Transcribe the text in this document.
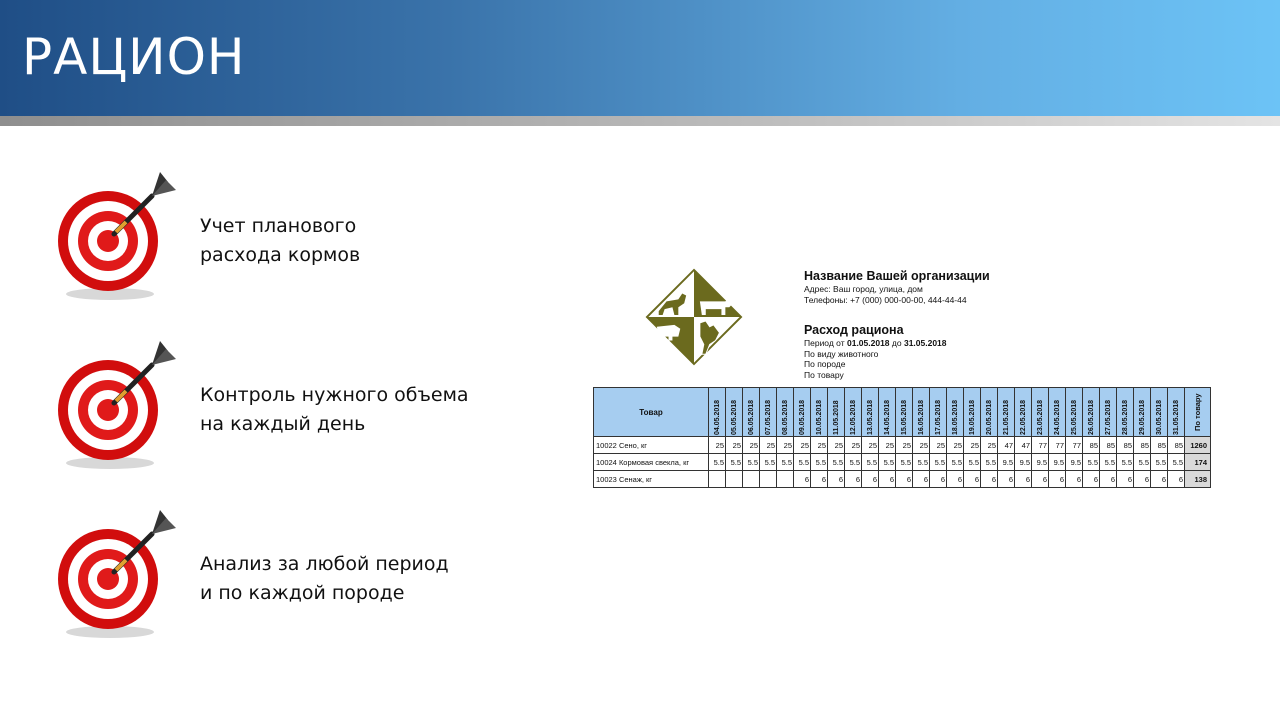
РАЦИОН
Учет планового
расхода кормов
Контроль нужного объема
на каждый день
Анализ за любой период
и по каждой породе
Название Вашей организации
Адрес: Ваш город, улица, дом
Телефоны: +7 (000) 000-00-00, 444-44-44
Расход рациона
Период от 01.05.2018 до 31.05.2018
По виду животного
По породе
По товару
Товар	04.05.2018	05.05.2018	06.05.2018	07.05.2018	08.05.2018	09.05.2018	10.05.2018	11.05.2018	12.05.2018	13.05.2018	14.05.2018	15.05.2018	16.05.2018	17.05.2018	18.05.2018	19.05.2018	20.05.2018	21.05.2018	22.05.2018	23.05.2018	24.05.2018	25.05.2018	26.05.2018	27.05.2018	28.05.2018	29.05.2018	30.05.2018	31.05.2018	По товару

10022 Сено, кг	25	25	25	25	25	25	25	25	25	25	25	25	25	25	25	25	25	47	47	77	77	77	85	85	85	85	85	85	1260
10024 Кормовая свекла, кг	5.5	5.5	5.5	5.5	5.5	5.5	5.5	5.5	5.5	5.5	5.5	5.5	5.5	5.5	5.5	5.5	5.5	9.5	9.5	9.5	9.5	9.5	5.5	5.5	5.5	5.5	5.5	5.5	174
10023 Сенаж, кг						6	6	6	6	6	6	6	6	6	6	6	6	6	6	6	6	6	6	6	6	6	6	6	138
